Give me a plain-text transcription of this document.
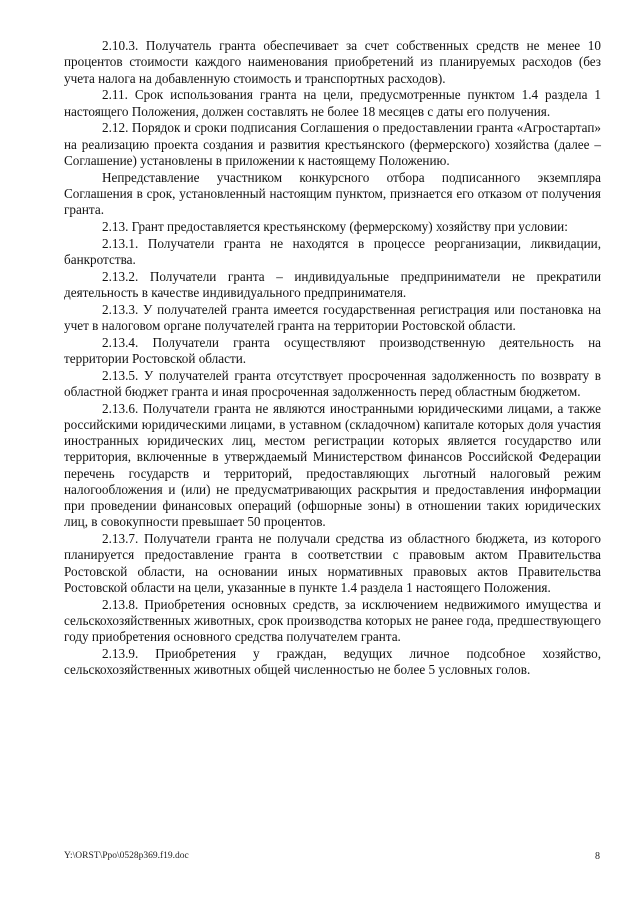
2.10.3. Получатель гранта обеспечивает за счет собственных средств не менее 10 процентов стоимости каждого наименования приобретений из планируемых расходов (без учета налога на добавленную стоимость и транспортных расходов).

2.11. Срок использования гранта на цели, предусмотренные пунктом 1.4 раздела 1 настоящего Положения, должен составлять не более 18 месяцев с даты его получения.

2.12. Порядок и сроки подписания Соглашения о предоставлении гранта «Агростартап» на реализацию проекта создания и развития крестьянского (фермерского) хозяйства (далее – Соглашение) установлены в приложении к настоящему Положению.

Непредставление участником конкурсного отбора подписанного экземпляра Соглашения в срок, установленный настоящим пунктом, признается его отказом от получения гранта.

2.13. Грант предоставляется крестьянскому (фермерскому) хозяйству при условии:

2.13.1. Получатели гранта не находятся в процессе реорганизации, ликвидации, банкротства.

2.13.2. Получатели гранта – индивидуальные предприниматели не прекратили деятельность в качестве индивидуального предпринимателя.

2.13.3. У получателей гранта имеется государственная регистрация или постановка на учет в налоговом органе получателей гранта на территории Ростовской области.

2.13.4. Получатели гранта осуществляют производственную деятельность на территории Ростовской области.

2.13.5. У получателей гранта отсутствует просроченная задолженность по возврату в областной бюджет гранта и иная просроченная задолженность перед областным бюджетом.

2.13.6. Получатели гранта не являются иностранными юридическими лицами, а также российскими юридическими лицами, в уставном (складочном) капитале которых доля участия иностранных юридических лиц, местом регистрации которых является государство или территория, включенные в утверждаемый Министерством финансов Российской Федерации перечень государств и территорий, предоставляющих льготный налоговый режим налогообложения и (или) не предусматривающих раскрытия и предоставления информации при проведении финансовых операций (офшорные зоны) в отношении таких юридических лиц, в совокупности превышает 50 процентов.

2.13.7. Получатели гранта не получали средства из областного бюджета, из которого планируется предоставление гранта в соответствии с правовым актом Правительства Ростовской области, на основании иных нормативных правовых актов Правительства Ростовской области на цели, указанные в пункте 1.4 раздела 1 настоящего Положения.

2.13.8. Приобретения основных средств, за исключением недвижимого имущества и сельскохозяйственных животных, срок производства которых не ранее года, предшествующего году приобретения основного средства получателем гранта.

2.13.9. Приобретения у граждан, ведущих личное подсобное хозяйство, сельскохозяйственных животных общей численностью не более 5 условных голов.

Y:\ORST\Ppo\0528p369.f19.doc	8
